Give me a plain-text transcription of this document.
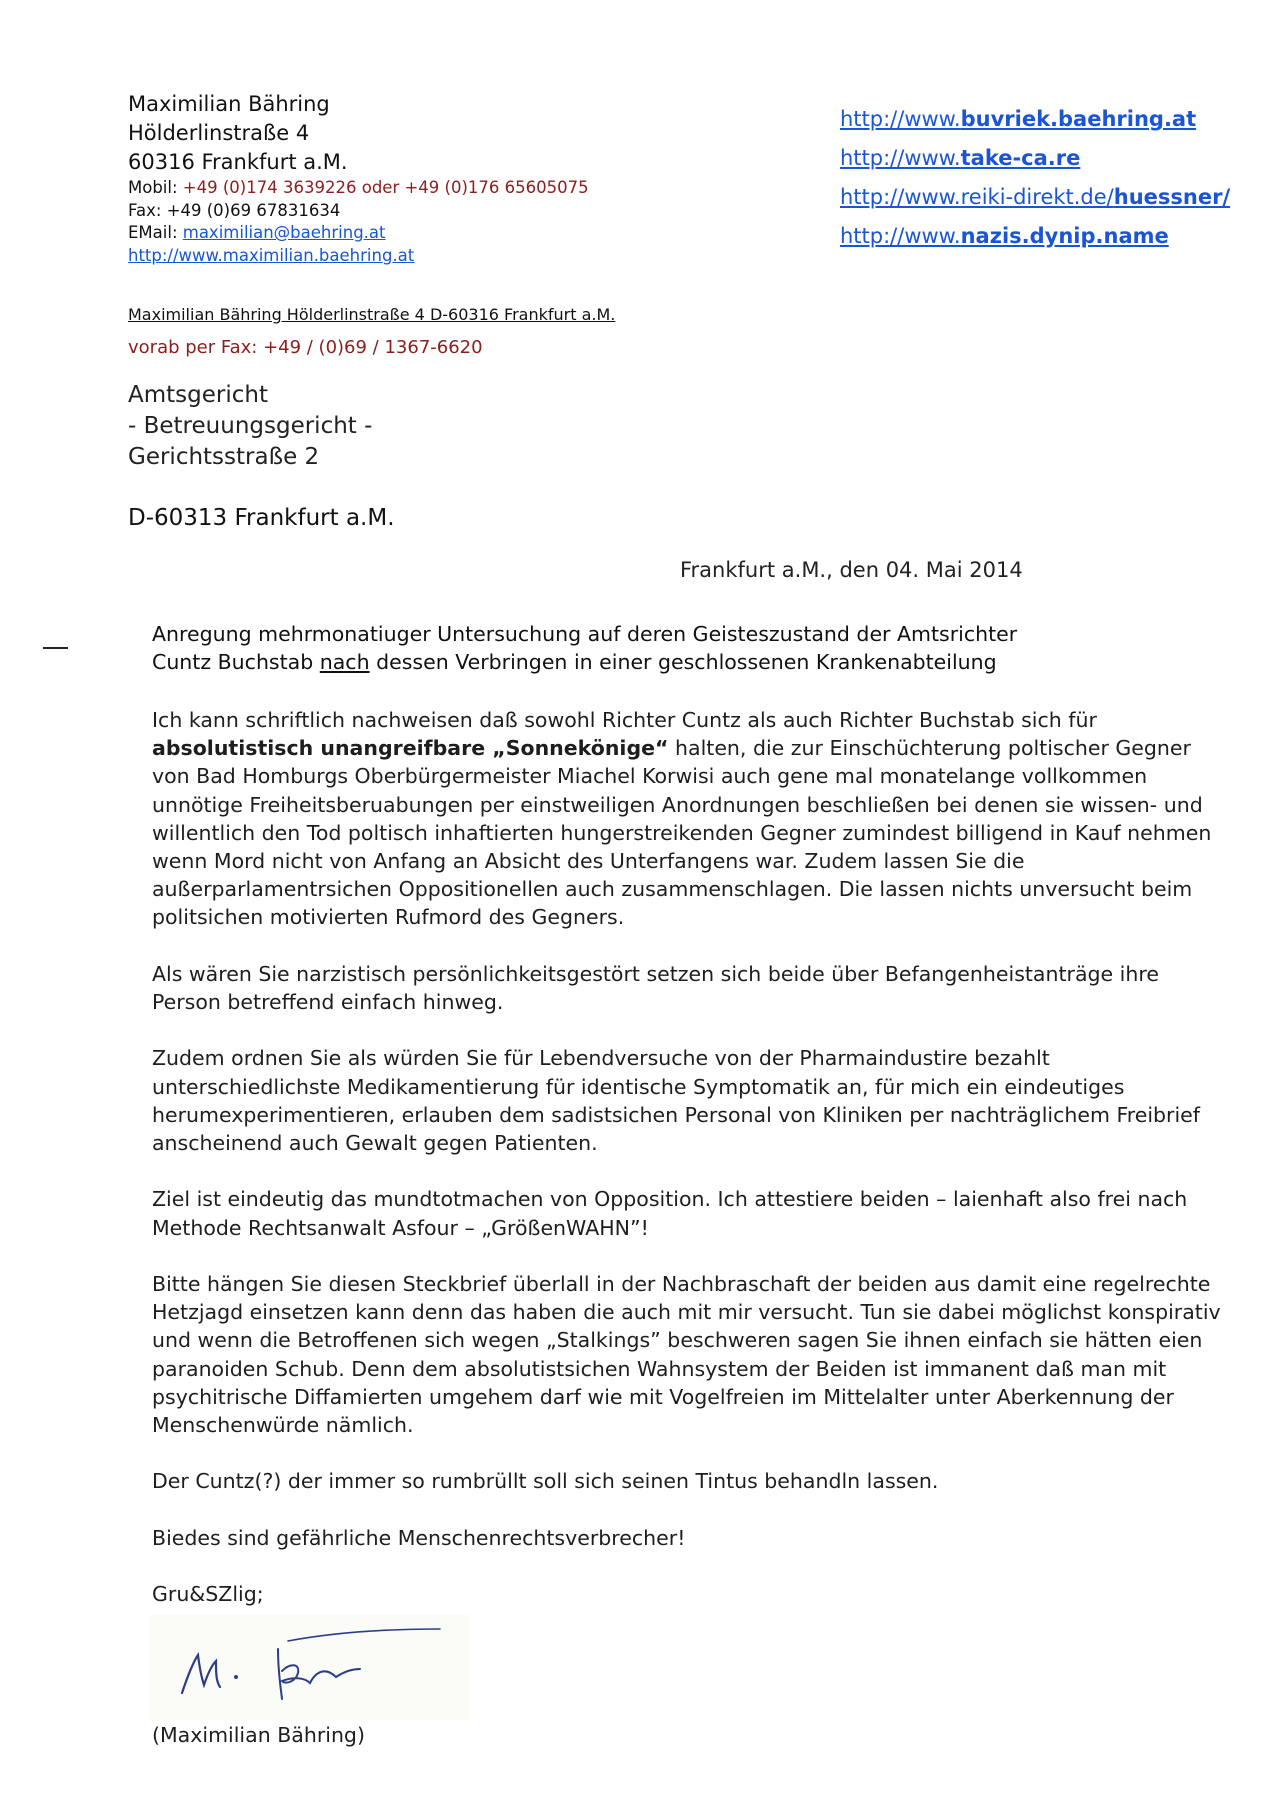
Maximilian Bähring
Hölderlinstraße 4
60316 Frankfurt a.M.
Mobil: +49 (0)174 3639226 oder +49 (0)176 65605075
Fax: +49 (0)69 67831634
EMail: maximilian@baehring.at
http://www.maximilian.baehring.at
http://www.buvriek.baehring.at
http://www.take-ca.re
http://www.reiki-direkt.de/huessner/
http://www.nazis.dynip.name
Maximilian Bähring Hölderlinstraße 4 D-60316 Frankfurt a.M.
vorab per Fax: +49 / (0)69 / 1367-6620
Amtsgericht
- Betreuungsgericht -
Gerichtsstraße 2
D-60313 Frankfurt a.M.
Frankfurt a.M., den 04. Mai 2014
Anregung mehrmonatiuger Untersuchung auf deren Geisteszustand der Amtsrichter
Cuntz Buchstab nach dessen Verbringen in einer geschlossenen Krankenabteilung

Ich kann schriftlich nachweisen daß sowohl Richter Cuntz als auch Richter Buchstab sich für absolutistisch unangreifbare „Sonnekönige“ halten, die zur Einschüchterung poltischer Gegner von Bad Homburgs Oberbürgermeister Miachel Korwisi auch gene mal monatelange vollkommen unnötige Freiheitsberuabungen per einstweiligen Anordnungen beschließen bei denen sie wissen- und willentlich den Tod poltisch inhaftierten hungerstreikenden Gegner zumindest billigend in Kauf nehmen wenn Mord nicht von Anfang an Absicht des Unterfangens war. Zudem lassen Sie die außerparlamentrsichen Oppositionellen auch zusammenschlagen. Die lassen nichts unversucht beim politsichen motivierten Rufmord des Gegners.

Als wären Sie narzistisch persönlichkeitsgestört setzen sich beide über Befangenheistanträge ihre Person betreffend einfach hinweg.

Zudem ordnen Sie als würden Sie für Lebendversuche von der Pharmaindustire bezahlt unterschiedlichste Medikamentierung für identische Symptomatik an, für mich ein eindeutiges herumexperimentieren, erlauben dem sadistsichen Personal von Kliniken per nachträglichem Freibrief anscheinend auch Gewalt gegen Patienten.

Ziel ist eindeutig das mundtotmachen von Opposition. Ich attestiere beiden – laienhaft also frei nach Methode Rechtsanwalt Asfour – „GrößenWAHN”!

Bitte hängen Sie diesen Steckbrief überlall in der Nachbraschaft der beiden aus damit eine regelrechte Hetzjagd einsetzen kann denn das haben die auch mit mir versucht. Tun sie dabei möglichst konspirativ und wenn die Betroffenen sich wegen „Stalkings” beschweren sagen Sie ihnen einfach sie hätten eien paranoiden Schub. Denn dem absolutistsichen Wahnsystem der Beiden ist immanent daß man mit psychitrische Diffamierten umgehem darf wie mit Vogelfreien im Mittelalter unter Aberkennung der Menschenwürde nämlich.

Der Cuntz(?) der immer so rumbrüllt soll sich seinen Tintus behandln lassen.

Biedes sind gefährliche Menschenrechtsverbrecher!

Gru&SZlig;

(Maximilian Bähring)
